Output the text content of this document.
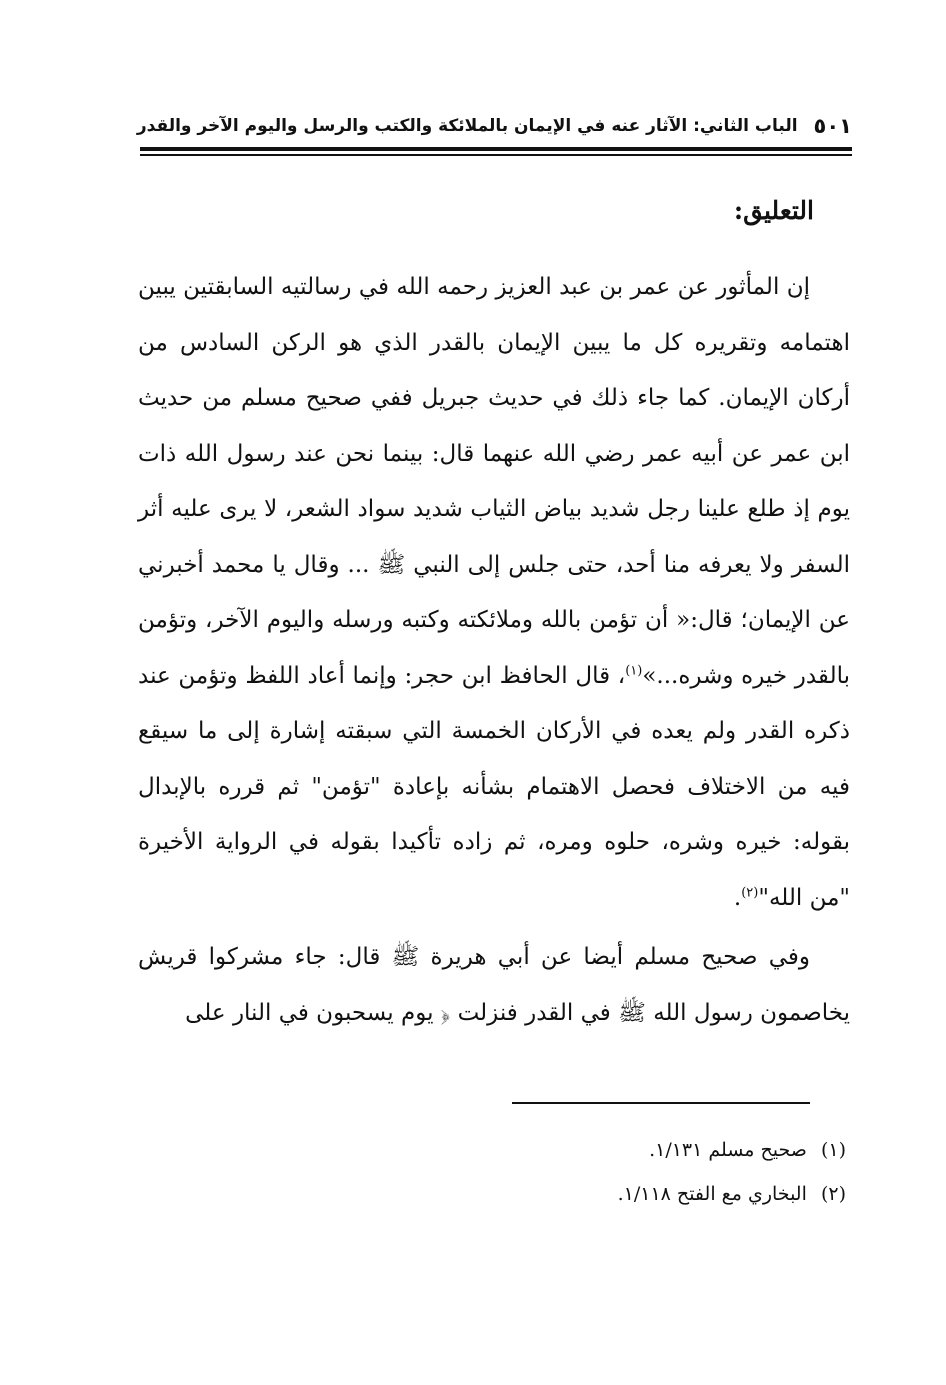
٥٠١
الباب الثاني: الآثار عنه في الإيمان بالملائكة والكتب والرسل واليوم الآخر والقدر
التعليق:

إن المأثور عن عمر بن عبد العزيز رحمه الله في رسالتيه السابقتين يبين اهتمامه وتقريره كل ما يبين الإيمان بالقدر الذي هو الركن السادس من أركان الإيمان. كما جاء ذلك في حديث جبريل ففي صحيح مسلم من حديث ابن عمر عن أبيه عمر رضي الله عنهما قال: بينما نحن عند رسول الله ذات يوم إذ طلع علينا رجل شديد بياض الثياب شديد سواد الشعر، لا يرى عليه أثر السفر ولا يعرفه منا أحد، حتى جلس إلى النبي ﷺ ... وقال يا محمد أخبرني عن الإيمان؛ قال:« أن تؤمن بالله وملائكته وكتبه ورسله واليوم الآخر، وتؤمن بالقدر خيره وشره...»$^{(١)}$، قال الحافظ ابن حجر: وإنما أعاد اللفظ وتؤمن عند ذكره القدر ولم يعده في الأركان الخمسة التي سبقته إشارة إلى ما سيقع فيه من الاختلاف فحصل الاهتمام بشأنه بإعادة "تؤمن" ثم قرره بالإبدال بقوله: خيره وشره، حلوه ومره، ثم زاده تأكيدا بقوله في الرواية الأخيرة "من الله"$^{(٢)}$.

وفي صحيح مسلم أيضا عن أبي هريرة ﷺ قال: جاء مشركوا قريش يخاصمون رسول الله ﷺ في القدر فنزلت ﴿ يوم يسحبون في النار على

(١) صحيح مسلم ١/١٣١.
(٢) البخاري مع الفتح ١/١١٨.
